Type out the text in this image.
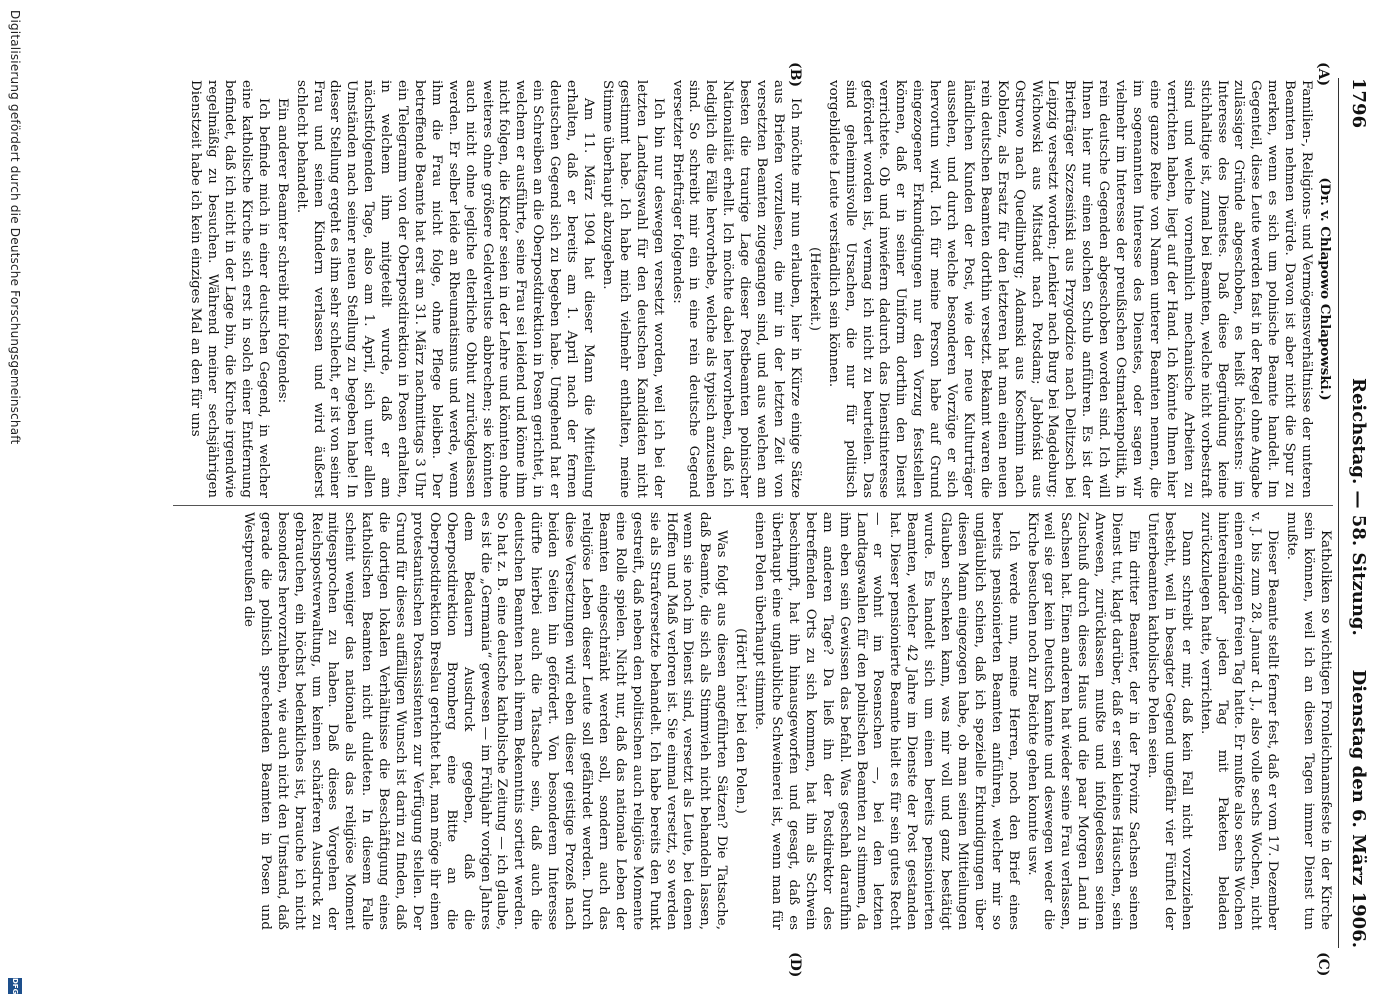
1796
Reichstag. — 58. Sitzung.
Dienstag den 6. März 1906.
(A)
(B)
(C)
(D)

(Dr. v. Chlapowo Chlapowski.)

Familien-, Religions- und Vermögensverhältnisse der unteren Beamten nehmen würde. Davon ist aber nicht die Spur zu merken, wenn es sich um polnische Beamte handelt. Im Gegenteil, diese Leute werden fast in der Regel ohne Angabe zulässiger Gründe abgeschoben, es heißt höchstens: im Interesse des Dienstes. Daß diese Begründung keine stichhaltige ist, zumal bei Beamten, welche nicht vorbestraft sind und welche vornehmlich mechanische Arbeiten zu verrichten haben, liegt auf der Hand. Ich könnte Ihnen hier eine ganze Reihe von Namen unterer Beamten nennen, die im sogenannten Interesse des Dienstes, oder sagen wir vielmehr im Interesse der preußischen Ostmarkenpolitik, in rein deutsche Gegenden abgeschoben worden sind. Ich will Ihnen hier nur einen solchen Schub anführen. Es ist der Briefträger Szczesiński aus Przygodzice nach Delitzsch bei Leipzig versetzt worden; Lenkier nach Burg bei Magdeburg; Wichowski aus Mitstadt nach Potsdam; Jabłoński aus Ostrowo nach Quedlinburg; Adamski aus Koschmin nach Koblenz, als Ersatz für den letzteren hat man einen neuen rein deutschen Beamten dorthin versetzt. Bekannt waren die ländlichen Kunden der Post, wie der neue Kulturträger aussehen, und durch welche besonderen Vorzüge er sich hervortun wird. Ich für meine Person habe auf Grund eingezogener Erkundigungen nur den Vorzug feststellen können, daß er in seiner Uniform dorthin den Dienst verrichtete. Ob und inwiefern dadurch das Dienstinteresse gefördert worden ist, vermag ich nicht zu beurteilen. Das sind geheimnisvolle Ursachen, die nur für politisch vorgebildete Leute verständlich sein können.

(Heiterkeit.)

Ich möchte mir nun erlauben, hier in Kürze einige Sätze aus Briefen vorzulesen, die mir in der letzten Zeit von versetzten Beamten zugegangen sind, und aus welchen am besten die traurige Lage dieser Postbeamten polnischer Nationalität erhellt. Ich möchte dabei hervorheben, daß ich lediglich die Fälle hervorhebe, welche als typisch anzusehen sind. So schreibt mir ein in eine rein deutsche Gegend versetzter Briefträger folgendes:

Ich bin nur deswegen versetzt worden, weil ich bei der letzten Landtagswahl für den deutschen Kandidaten nicht gestimmt habe. Ich habe mich vielmehr enthalten, meine Stimme überhaupt abzugeben.

Am 11. März 1904 hat dieser Mann die Mitteilung erhalten, daß er bereits am 1. April nach der fernen deutschen Gegend sich zu begeben habe. Umgehend hat er ein Schreiben an die Oberpostdirektion in Posen gerichtet, in welchem er ausführte, seine Frau sei leidend und könne ihm nicht folgen, die Kinder seien in der Lehre und könnten ohne weiteres ohne größere Geldverluste abbrechen; sie könnten auch nicht ohne jegliche elterliche Obhut zurückgelassen werden. Er selber leide an Rheumatismus und werde, wenn ihm die Frau nicht folge, ohne Pflege bleiben. Der betreffende Beamte hat erst am 31. März nachmittags 3 Uhr ein Telegramm von der Oberpostdirektion in Posen erhalten, in welchem ihm mitgeteilt wurde, daß er am nächstfolgenden Tage, also am 1. April, sich unter allen Umständen nach seiner neuen Stellung zu begeben habe! In dieser Stellung ergeht es ihm sehr schlecht, er ist von seiner Frau und seinen Kindern verlassen und wird äußerst schlecht behandelt.

Ein anderer Beamter schreibt mir folgendes:

Ich befinde mich in einer deutschen Gegend, in welcher eine katholische Kirche sich erst in solch einer Entfernung befindet, daß ich nicht in der Lage bin, die Kirche irgendwie regelmäßig zu besuchen. Während meiner sechsjährigen Dienstzeit habe ich kein einziges Mal an den für uns

Katholiken so wichtigen Fronleichnamsfeste in der Kirche sein können, weil ich an diesen Tagen immer Dienst tun mußte.

Dieser Beamte stellt ferner fest, daß er vom 17. Dezember v. J. bis zum 28. Januar d. J., also volle sechs Wochen, nicht einen einzigen freien Tag hatte. Er mußte also sechs Wochen hintereinander jeden Tag mit Paketen beladen zurückzulegen hatte, verrichten.

Dann schreibt er mir, daß kein Fall nicht vorzuziehen besteht, weil in besagter Gegend ungefähr vier Fünftel der Unterbeamten katholische Polen seien.

Ein dritter Beamter, der in der Provinz Sachsen seinen Dienst tut, klagt darüber, daß er sein kleines Häuschen, sein Anwesen, zurücklassen mußte und infolgedessen seinen Zuschuß durch dieses Haus und die paar Morgen Land in Sachsen hat. Einen anderen hat wieder seine Frau verlassen, weil sie gar kein Deutsch kannte und deswegen weder die Kirche besuchen noch zur Beichte gehen konnte usw.

Ich werde nun, meine Herren, noch den Brief eines bereits pensionierten Beamten anführen, welcher mir so ungläublich schien, daß ich spezielle Erkundigungen über diesen Mann eingezogen habe, ob man seinen Mitteilungen Glauben schenken kann, was mir voll und ganz bestätigt wurde. Es handelt sich um einen bereits pensionierten Beamten, welcher 42 Jahre im Dienste der Post gestanden hat. Dieser pensionierte Beamte hielt es für sein gutes Recht — er wohnt im Posenschen —, bei den letzten Landtagswahlen für den polnischen Beamten zu stimmen, da ihm eben sein Gewissen das befahl. Was geschah daraufhin am anderen Tage? Da ließ ihn der Postdirektor des betreffenden Orts zu sich kommen, hat ihn als Schwein beschimpft, hat ihn hinausgeworfen und gesagt, daß es überhaupt eine unglaubliche Schweinerei ist, wenn man für einen Polen überhaupt stimmte.

(Hört! hört! bei den Polen.)

Was folgt aus diesen angeführten Sätzen? Die Tatsache, daß Beamte, die sich als Stimmvieh nicht behandeln lassen, wenn sie noch im Dienst sind, versetzt als Leute, bei denen Hoffen und Maß verloren ist. Sie einmal versetzt, so werden sie als Strafversetzte behandelt. Ich habe bereits den Punkt gestreift, daß neben den politischen auch religiöse Momente eine Rolle spielen. Nicht nur, daß das nationale Leben der Beamten eingeschränkt werden soll, sondern auch das religiöse Leben dieser Leute soll gefährdet werden. Durch diese Versetzungen wird eben dieser geistige Prozeß nach beiden Seiten hin gefördert. Von besonderem Interesse dürfte hierbei auch die Tatsache sein, daß auch die deutschen Beamten nach ihrem Bekenntnis sortiert werden. So hat z. B. eine deutsche katholische Zeitung — ich glaube, es ist die „Germania“ gewesen — im Frühjahr vorigen Jahres dem Bedauern Ausdruck gegeben, daß die Oberpostdirektion Bromberg eine Bitte an die Oberpostdirektion Breslau gerichtet hat, man möge ihr einen protestantischen Postassistenten zur Verfügung stellen. Der Grund für dieses auffälligen Wunsch ist darin zu finden, daß die dortigen lokalen Verhältnisse die Beschäftigung eines katholischen Beamten nicht duldeten. In diesem Falle scheint weniger das nationale als das religiöse Moment mitgesprochen zu haben. Daß dieses Vorgehen der Reichspostverwaltung, um keinen schärferen Ausdruck zu gebrauchen, ein höchst bedenkliches ist, brauche ich nicht besonders hervorzuheben, wie auch nicht den Umstand, daß gerade die polnisch sprechenden Beamten in Posen und Westpreußen die

Digitalisierung gefördert durch die Deutsche Forschungsgemeinschaft
DFG
